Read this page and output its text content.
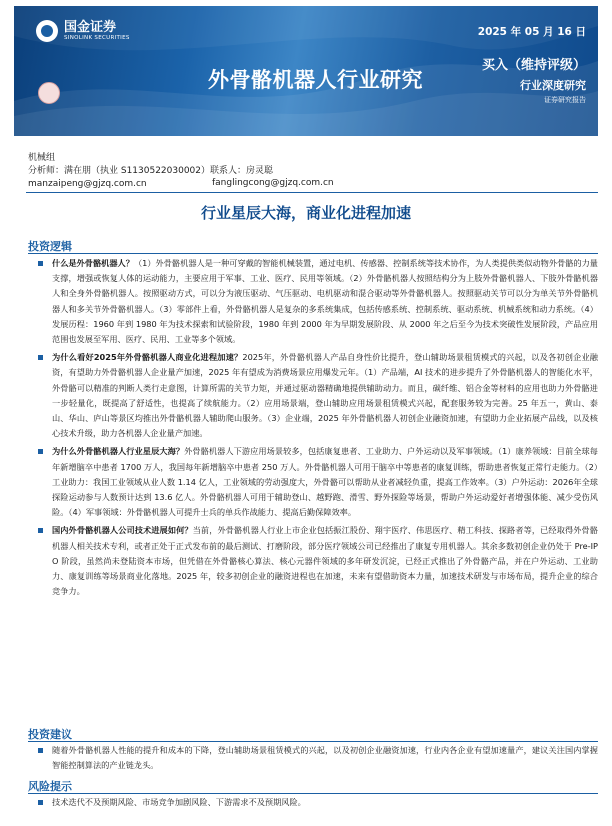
国金证券
SINOLINK SECURITIES
外骨骼机器人行业研究
2025 年 05 月 16 日
买入（维持评级）
行业深度研究
证券研究报告
机械组
分析师：满在朋（执业 S1130522030002）联系人：房灵聪
manzaipeng@gjzq.com.cn	fanglingcong@gjzq.com.cn
行业星辰大海，商业化进程加速
投资逻辑
什么是外骨骼机器人？（1）外骨骼机器人是一种可穿戴的智能机械装置，通过电机、传感器、控制系统等技术协作，为人类提供类似动物外骨骼的力量支撑，增强或恢复人体的运动能力，主要应用于军事、工业、医疗、民用等领域。（2）外骨骼机器人按照结构分为上肢外骨骼机器人、下肢外骨骼机器人和全身外骨骼机器人。按照驱动方式，可以分为液压驱动、气压驱动、电机驱动和混合驱动等外骨骼机器人。按照驱动关节可以分为单关节外骨骼机器人和多关节外骨骼机器人。（3）零部件上看，外骨骼机器人是复杂的多系统集成，包括传感系统、控制系统、驱动系统、机械系统和动力系统。（4）发展历程：1960 年到 1980 年为技术探索和试验阶段，1980 年到 2000 年为早期发展阶段、从 2000 年之后至今为技术突破性发展阶段，产品应用范围也发展至军用、医疗、民用、工业等多个领域。
为什么看好2025年外骨骼机器人商业化进程加速？2025年，外骨骼机器人产品自身性价比提升，登山辅助场景租赁模式的兴起，以及各初创企业融资，有望助力外骨骼机器人企业量产加速，2025 年有望成为消费场景应用爆发元年。（1）产品端，AI 技术的进步提升了外骨骼机器人的智能化水平，外骨骼可以精准的判断人类行走意图，计算所需的关节力矩，并通过驱动器精确地提供辅助动力。而且，碳纤维、铝合金等材料的应用也助力外骨骼进一步轻量化，既提高了舒适性，也提高了续航能力。（2）应用场景端，登山辅助应用场景租赁模式兴起，配套服务较为完善。25 年五一，黄山、泰山、华山、庐山等景区均推出外骨骼机器人辅助爬山服务。（3）企业端，2025 年外骨骼机器人初创企业融资加速，有望助力企业拓展产品线，以及核心技术升级，助力各机器人企业量产加速。
为什么外骨骼机器人行业星辰大海？外骨骼机器人下游应用场景较多，包括康复患者、工业助力、户外运动以及军事领域。（1）康养领域：目前全球每年新增脑卒中患者 1700 万人，我国每年新增脑卒中患者 250 万人。外骨骼机器人可用于脑卒中等患者的康复训练，帮助患者恢复正常行走能力。（2）工业助力：我国工业领域从业人数 1.14 亿人，工业领域的劳动强度大，外骨骼可以帮助从业者减轻负重，提高工作效率。（3）户外运动：2026年全球探险运动参与人数预计达到 13.6 亿人。外骨骼机器人可用于辅助登山、越野跑、滑雪、野外探险等场景，帮助户外运动爱好者增强体能、减少受伤风险。（4）军事领域：外骨骼机器人可提升士兵的单兵作战能力、提高后勤保障效率。
国内外骨骼机器人公司技术进展如何？当前，外骨骼机器人行业上市企业包括振江股份、翔宇医疗、伟思医疗、精工科技、探路者等，已经取得外骨骼机器人相关技术专利，或者正处于正式发布前的最后测试、打磨阶段，部分医疗领域公司已经推出了康复专用机器人。其余多数初创企业仍处于 Pre-IPO 阶段，虽然尚未登陆资本市场，但凭借在外骨骼核心算法、核心元器件领域的多年研发沉淀，已经正式推出了外骨骼产品，并在户外运动、工业助力、康复训练等场景商业化落地。2025 年，较多初创企业的融资进程也在加速，未来有望借助资本力量，加速技术研发与市场布局，提升企业的综合竞争力。
投资建议
随着外骨骼机器人性能的提升和成本的下降，登山辅助场景租赁模式的兴起，以及初创企业融资加速，行业内各企业有望加速量产，建议关注国内掌握智能控制算法的产业链龙头。
风险提示
技术迭代不及预期风险、市场竞争加剧风险、下游需求不及预期风险。
